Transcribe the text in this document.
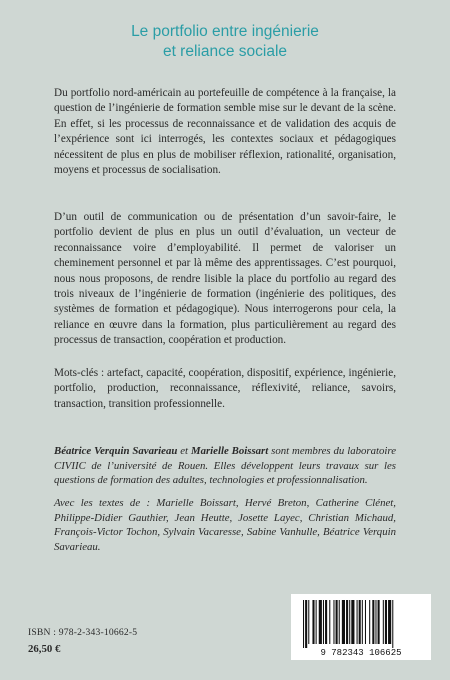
Le portfolio entre ingénierie
et reliance sociale

Du portfolio nord-américain au portefeuille de compétence à la française, la question de l’ingénierie de formation semble mise sur le devant de la scène. En effet, si les processus de reconnaissance et de validation des acquis de l’expérience sont ici interrogés, les contextes sociaux et pédagogiques nécessitent de plus en plus de mobiliser réflexion, rationalité, organisation, moyens et processus de socialisation.

D’un outil de communication ou de présentation d’un savoir-faire, le portfolio devient de plus en plus un outil d’évaluation, un vecteur de reconnaissance voire d’employabilité. Il permet de valoriser un cheminement personnel et par là même des apprentissages. C’est pourquoi, nous nous proposons, de rendre lisible la place du portfolio au regard des trois niveaux de l’ingénierie de formation (ingénierie des politiques, des systèmes de formation et pédagogique). Nous interrogerons pour cela, la reliance en œuvre dans la formation, plus particulièrement au regard des processus de transaction, coopération et production.

Mots-clés : artefact, capacité, coopération, dispositif, expérience, ingénierie, portfolio, production, reconnaissance, réflexivité, reliance, savoirs, transaction, transition professionnelle.

Béatrice Verquin Savarieau et Marielle Boissart sont membres du laboratoire CIVIIC de l’université de Rouen. Elles développent leurs travaux sur les questions de formation des adultes, technologies et professionnalisation.

Avec les textes de : Marielle Boissart, Hervé Breton, Catherine Clénet, Philippe-Didier Gauthier, Jean Heutte, Josette Layec, Christian Michaud, François-Victor Tochon, Sylvain Vacaresse, Sabine Vanhulle, Béatrice Verquin Savarieau.

ISBN : 978-2-343-10662-5
26,50 €	9 782343 106625
